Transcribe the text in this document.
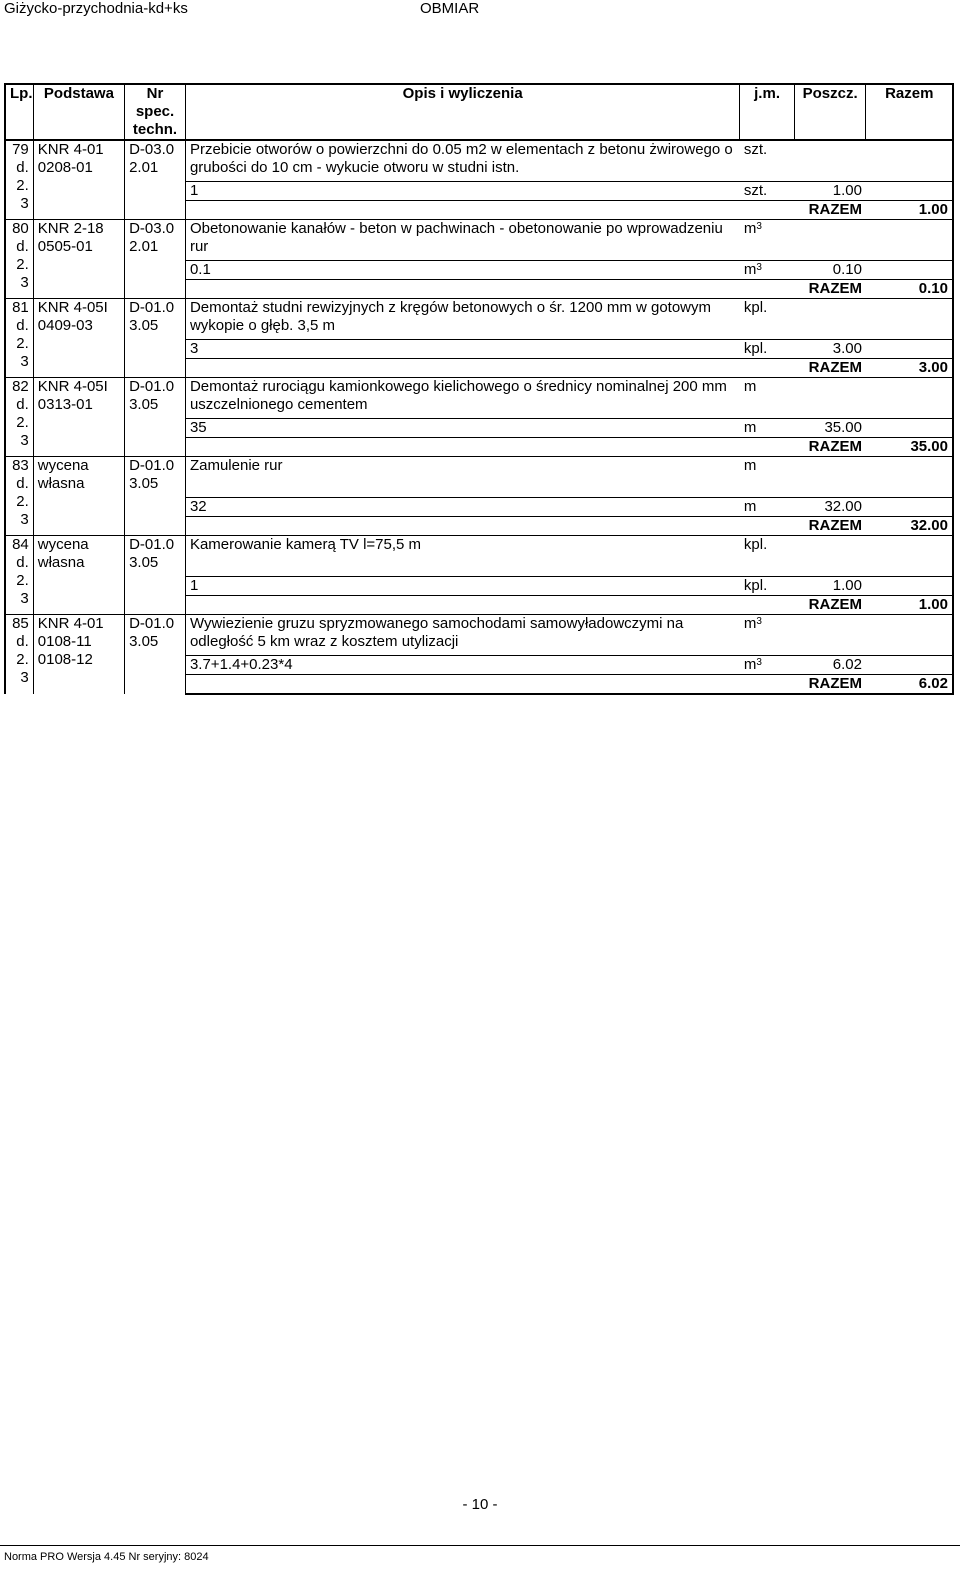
Giżycko-przychodnia-kd+ks	OBMIAR
Lp.	Podstawa	Nr spec. techn.	Opis i wyliczenia	j.m.	Poszcz.	Razem
79 d.2. 3	KNR 4-01 0208-01	D-03.02.01	Przebicie otworów o powierzchni do 0.05 m2 w elementach z betonu żwirowego o grubości do 10 cm - wykucie otworu w studni istn.	szt.		
			1	szt.	1.00	
					RAZEM	1.00
80 d.2. 3	KNR 2-18 0505-01	D-03.02.01	Obetonowanie kanałów - beton w pachwinach - obetonowanie po wprowadzeniu rur	$m^3$		
			0.1	$m^3$	0.10	
					RAZEM	0.10
81 d.2. 3	KNR 4-05I 0409-03	D-01.03.05	Demontaż studni rewizyjnych z kręgów betonowych o śr. 1200 mm w gotowym wykopie o głęb. 3,5 m	kpl.		
			3	kpl.	3.00	
					RAZEM	3.00
82 d.2. 3	KNR 4-05I 0313-01	D-01.03.05	Demontaż rurociągu kamionkowego kielichowego o średnicy nominalnej 200 mm uszczelnionego cementem	m		
			35	m	35.00	
					RAZEM	35.00
83 d.2. 3	wycena własna	D-01.03.05	Zamulenie rur	m		
			32	m	32.00	
					RAZEM	32.00
84 d.2. 3	wycena własna	D-01.03.05	Kamerowanie kamerą TV l=75,5 m	kpl.		
			1	kpl.	1.00	
					RAZEM	1.00
85 d.2. 3	KNR 4-01 0108-11 0108-12	D-01.03.05	Wywiezienie gruzu spryzmowanego samochodami samowyładowczymi na odległość 5 km wraz z kosztem utylizacji	$m^3$		
			3.7+1.4+0.23*4	$m^3$	6.02	
					RAZEM	6.02
- 10 -
Norma PRO Wersja 4.45 Nr seryjny: 8024
